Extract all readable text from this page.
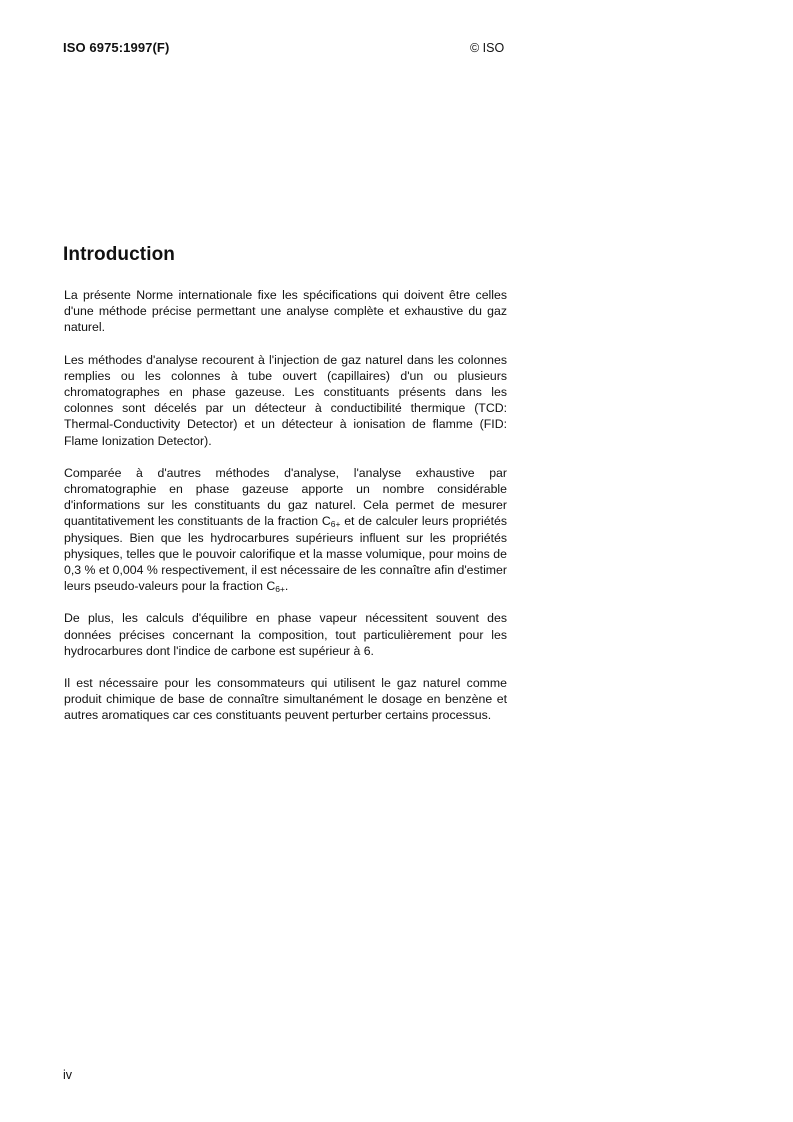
ISO 6975:1997(F)	© ISO
Introduction

La présente Norme internationale fixe les spécifications qui doivent être celles d'une méthode précise permettant une analyse complète et exhaustive du gaz naturel.

Les méthodes d'analyse recourent à l'injection de gaz naturel dans les colonnes remplies ou les colonnes à tube ouvert (capillaires) d'un ou plusieurs chromatographes en phase gazeuse. Les constituants présents dans les colonnes sont décelés par un détecteur à conductibilité thermique (TCD: Thermal-Conductivity Detector) et un détecteur à ionisation de flamme (FID: Flame Ionization Detector).

Comparée à d'autres méthodes d'analyse, l'analyse exhaustive par chromatographie en phase gazeuse apporte un nombre considérable d'informations sur les constituants du gaz naturel. Cela permet de mesurer quantitativement les constituants de la fraction $C_{6+}$ et de calculer leurs propriétés physiques. Bien que les hydrocarbures supérieurs influent sur les propriétés physiques, telles que le pouvoir calorifique et la masse volumique, pour moins de 0,3 % et 0,004 % respectivement, il est nécessaire de les connaître afin d'estimer leurs pseudo-valeurs pour la fraction $C_{6+}$.

De plus, les calculs d'équilibre en phase vapeur nécessitent souvent des données précises concernant la composition, tout particulièrement pour les hydrocarbures dont l'indice de carbone est supérieur à 6.

Il est nécessaire pour les consommateurs qui utilisent le gaz naturel comme produit chimique de base de connaître simultanément le dosage en benzène et autres aromatiques car ces constituants peuvent perturber certains processus.

iv
